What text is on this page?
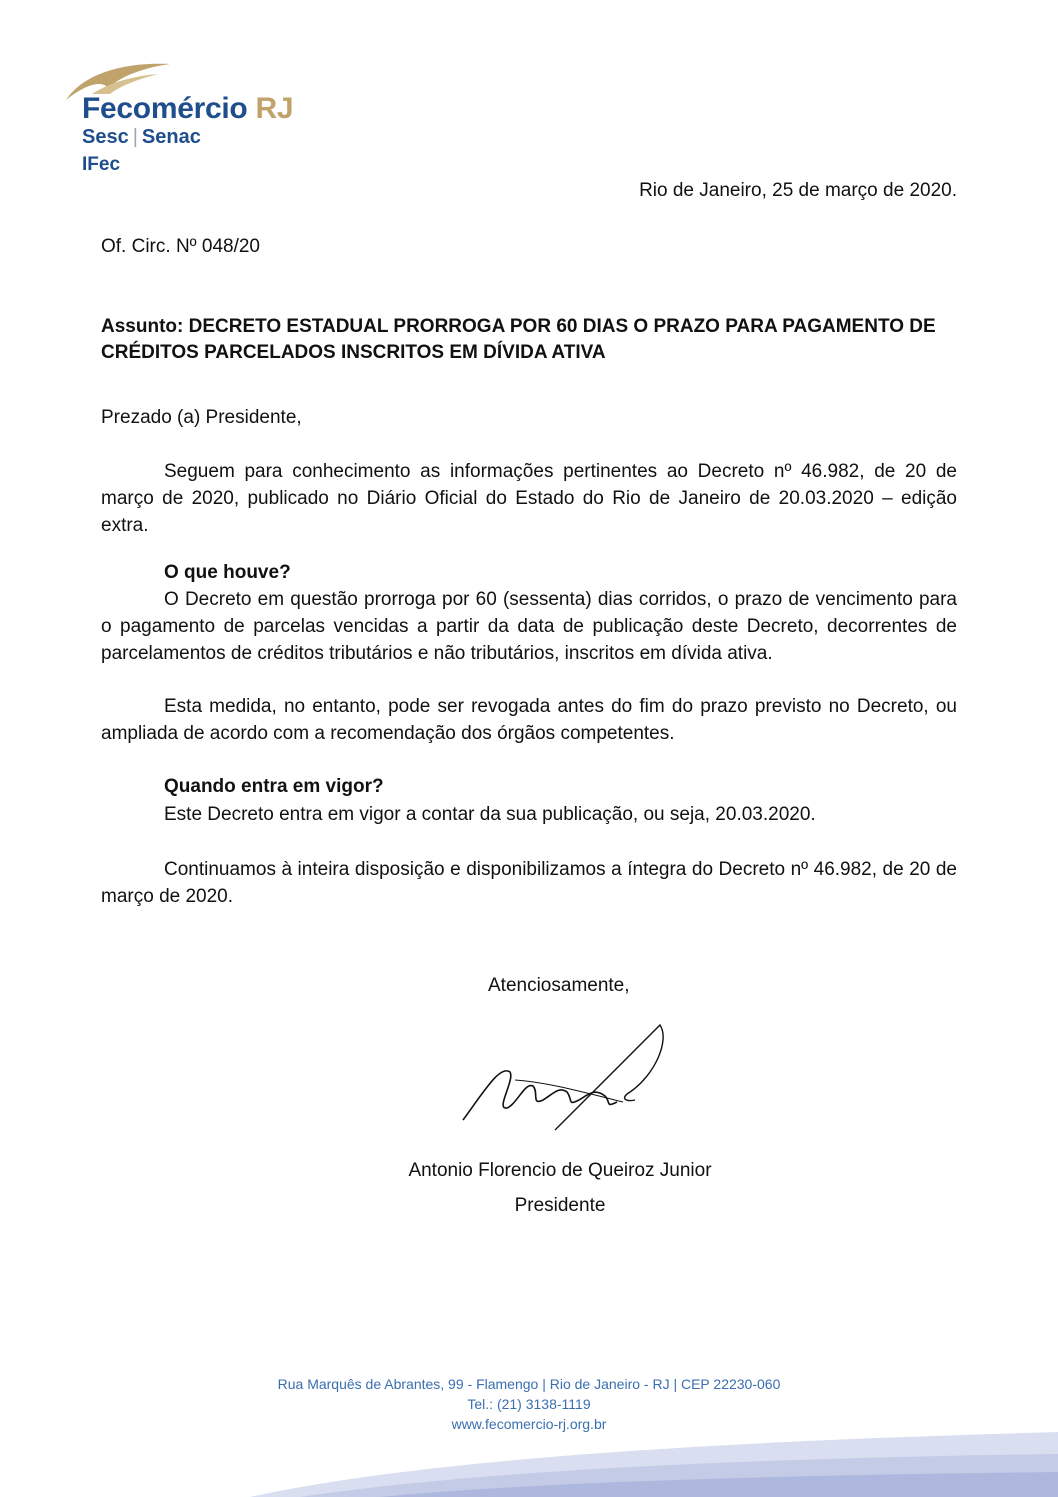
Fecomércio RJ
Sesc | Senac
IFec
Rio de Janeiro, 25 de março de 2020.
Of. Circ. Nº 048/20
Assunto: DECRETO ESTADUAL PRORROGA POR 60 DIAS O PRAZO PARA PAGAMENTO DE CRÉDITOS PARCELADOS INSCRITOS EM DÍVIDA ATIVA
Prezado (a) Presidente,
Seguem para conhecimento as informações pertinentes ao Decreto nº 46.982, de 20 de março de 2020, publicado no Diário Oficial do Estado do Rio de Janeiro de 20.03.2020 – edição extra.
O que houve?
O Decreto em questão prorroga por 60 (sessenta) dias corridos, o prazo de vencimento para o pagamento de parcelas vencidas a partir da data de publicação deste Decreto, decorrentes de parcelamentos de créditos tributários e não tributários, inscritos em dívida ativa.
Esta medida, no entanto, pode ser revogada antes do fim do prazo previsto no Decreto, ou ampliada de acordo com a recomendação dos órgãos competentes.
Quando entra em vigor?
Este Decreto entra em vigor a contar da sua publicação, ou seja, 20.03.2020.
Continuamos à inteira disposição e disponibilizamos a íntegra do Decreto nº 46.982, de 20 de março de 2020.
Atenciosamente,
Antonio Florencio de Queiroz Junior
Presidente
Rua Marquês de Abrantes, 99 - Flamengo | Rio de Janeiro - RJ | CEP 22230-060
Tel.: (21) 3138-1119
www.fecomercio-rj.org.br
